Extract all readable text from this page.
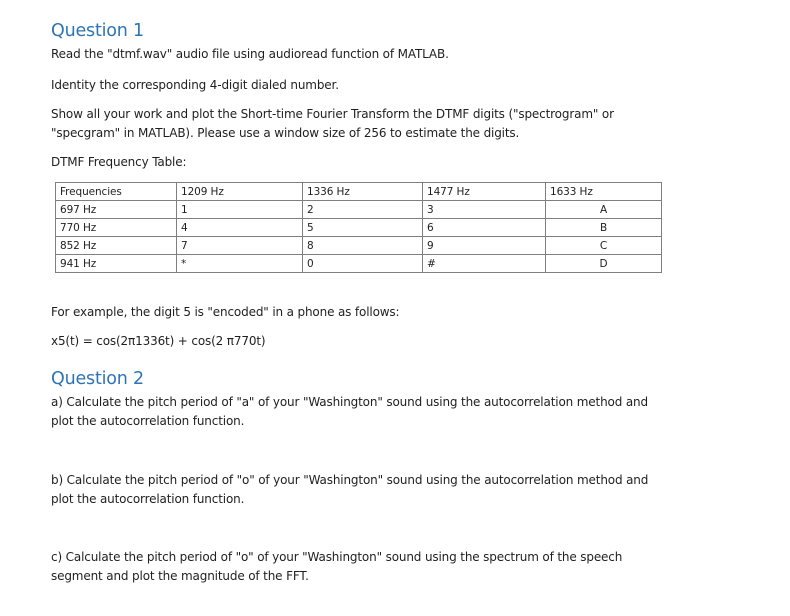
Question 1

Read the "dtmf.wav" audio file using audioread function of MATLAB.

Identity the corresponding 4-digit dialed number.

Show all your work and plot the Short-time Fourier Transform the DTMF digits ("spectrogram" or "specgram" in MATLAB). Please use a window size of 256 to estimate the digits.

DTMF Frequency Table:

Frequencies	1209 Hz	1336 Hz	1477 Hz	1633 Hz
697 Hz	1	2	3	A
770 Hz	4	5	6	B
852 Hz	7	8	9	C
941 Hz	*	0	#	D

For example, the digit 5 is "encoded" in a phone as follows:

x5(t) = cos(2π1336t) + cos(2 π770t)

Question 2

a) Calculate the pitch period of "a" of your "Washington" sound using the autocorrelation method and plot the autocorrelation function.

b) Calculate the pitch period of "o" of your "Washington" sound using the autocorrelation method and plot the autocorrelation function.

c) Calculate the pitch period of "o" of your "Washington" sound using the spectrum of the speech segment and plot the magnitude of the FFT.
